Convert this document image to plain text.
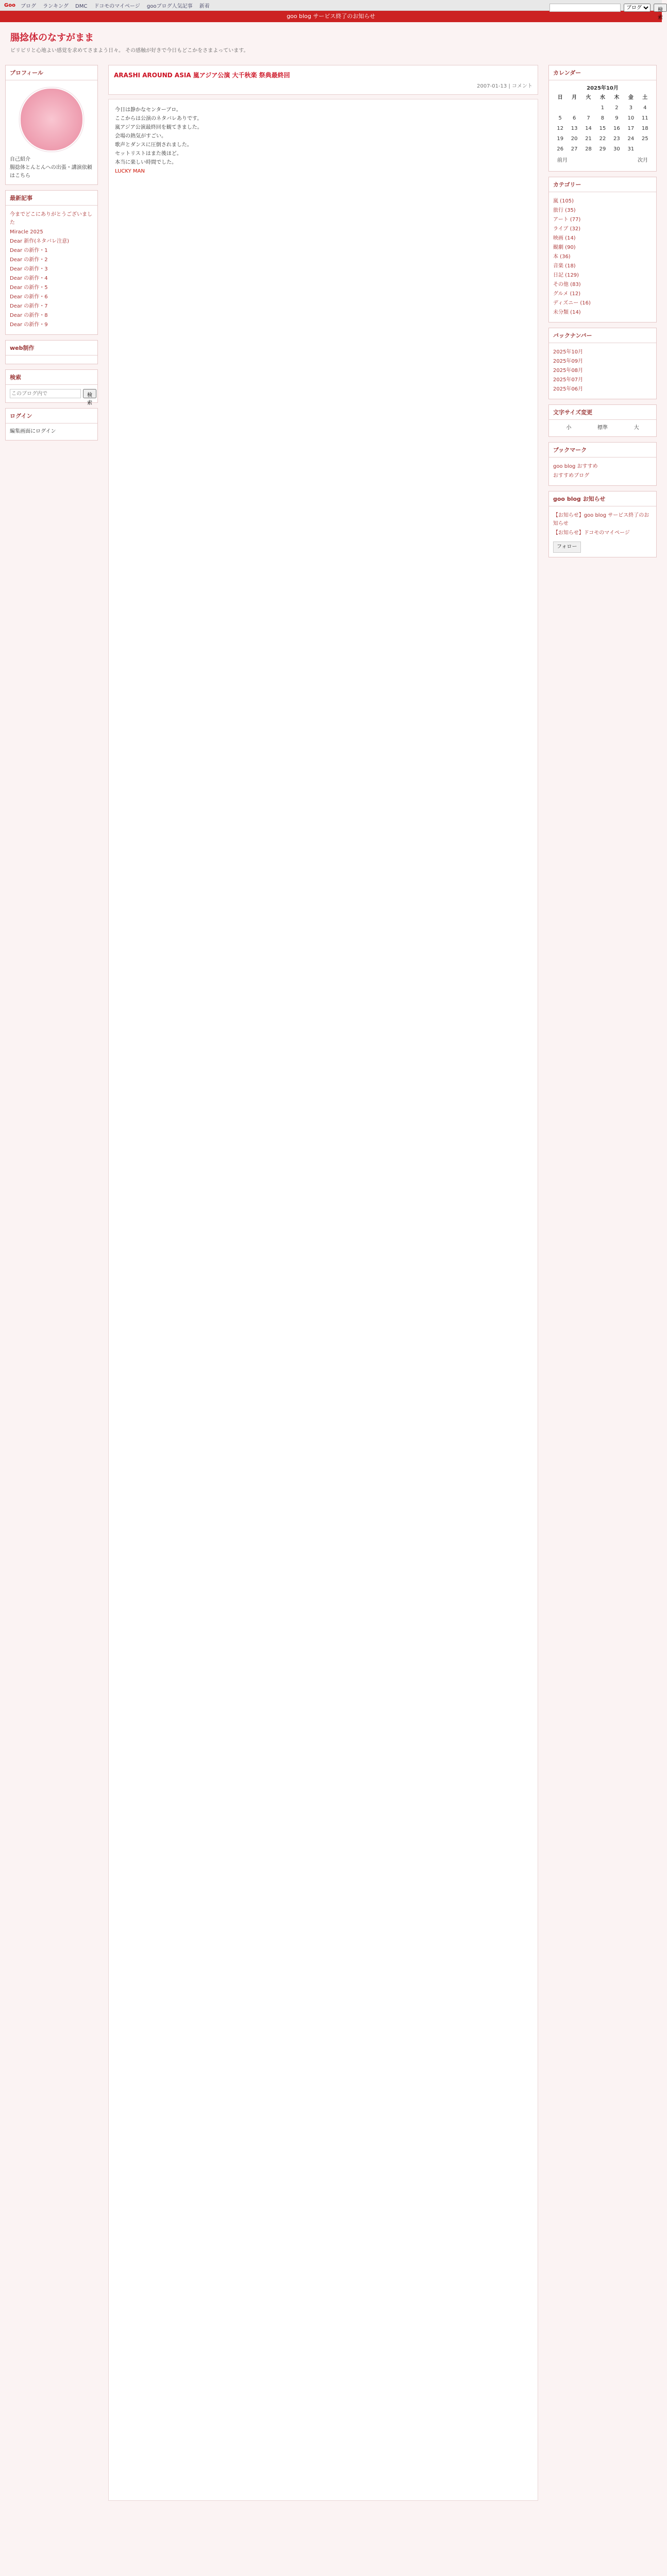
Goo ブログ ランキング DMC ドコモのマイページ gooブログ人気記事 新着
ブログ
検索
goo blog サービス終了のお知らせ
腸捻体のなすがまま
ビリビリと心地よい感覚を求めてさまよう日々。 その感触が好きで今日もどこかをさまよっています。
プロフィール
自己紹介
腸捻体とんとんへの出張・講演依頼はこちら
最新記事
今までどこにありがとうございました
Miracle 2025
Dear 新作(ネタバレ注意)
Dear の新作・1
Dear の新作・2
Dear の新作・3
Dear の新作・4
Dear の新作・5
Dear の新作・6
Dear の新作・7
Dear の新作・8
Dear の新作・9
web制作
検索
このブログ内で
検索
ログイン
編集画面にログイン
ARASHI AROUND ASIA 嵐アジア公演 大千秋楽 祭典最終回
2007-01-13 | コメント
今日は静かなセンターブロ。
ここからは公演のネタバレありです。
嵐アジア公演最終回を観てきました。
会場の熱気がすごい。
歌声とダンスに圧倒されました。
セットリストはまた後ほど。
本当に楽しい時間でした。
LUCKY MAN
カレンダー
2025年10月
日	月	火	水	木	金	土
			1	2	3	4
5	6	7	8	9	10	11
12	13	14	15	16	17	18
19	20	21	22	23	24	25
26	27	28	29	30	31	
前月	次月
カテゴリー
嵐 (105)
旅行 (35)
アート (77)
ライブ (32)
映画 (14)
観劇 (90)
本 (36)
音楽 (18)
日記 (129)
その他 (83)
グルメ (12)
ディズニー (16)
未分類 (14)
バックナンバー
2025年10月
2025年09月
2025年08月
2025年07月
2025年06月
文字サイズ変更
小	標準	大
ブックマーク
goo blog おすすめ
おすすめブログ
goo blog お知らせ
【お知らせ】goo blog サービス終了のお知らせ
【お知らせ】ドコモのマイページ
フォロー
